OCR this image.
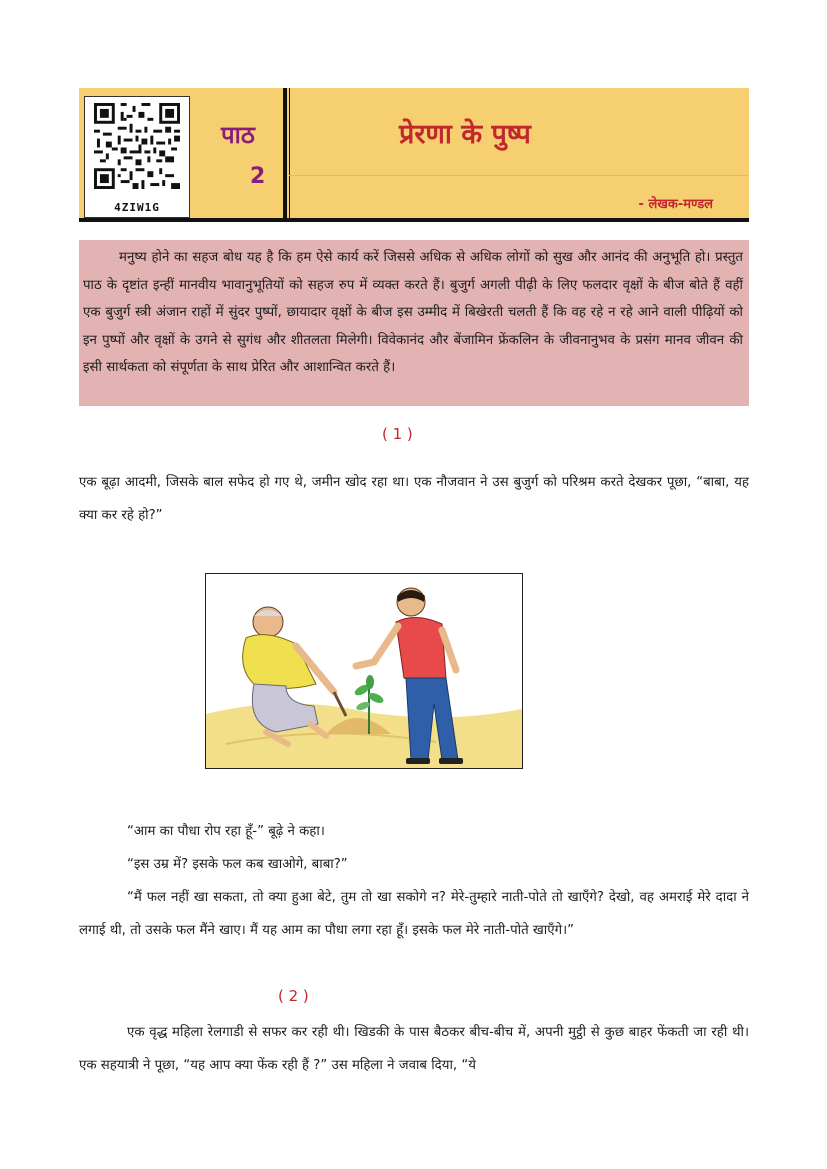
4ZIW1G
पाठ
2
प्रेरणा के पुष्प
- लेखक-मण्डल
मनुष्य होने का सहज बोध यह है कि हम ऐसे कार्य करें जिससे अधिक से अधिक लोगों को सुख और आनंद की अनुभूति हो। प्रस्तुत पाठ के दृष्टांत इन्हीं मानवीय भावानुभूतियों को सहज रुप में व्यक्त करते हैं। बुजुर्ग अगली पीढ़ी के लिए फलदार वृक्षों के बीज बोते हैं वहीं एक बुजुर्ग स्त्री अंजान राहों में सुंदर पुष्पों, छायादार वृक्षों के बीज इस उम्मीद में बिखेरती चलती हैं कि वह रहे न रहे आने वाली पीढ़ियों को इन पुष्पों और वृक्षों के उगने से सुगंध और शीतलता मिलेगी। विवेकानंद और बेंजामिन फ्रेंकलिन के जीवनानुभव के प्रसंग मानव जीवन की इसी सार्थकता को संपूर्णता के साथ प्रेरित और आशान्वित करते हैं।
( 1 )
एक बूढ़ा आदमी, जिसके बाल सफेद हो गए थे, जमीन खोद रहा था। एक नौजवान ने उस बुजुर्ग को परिश्रम करते देखकर पूछा, “बाबा, यह क्या कर रहे हो?”
“आम का पौधा रोप रहा हूँ-” बूढ़े ने कहा।
“इस उम्र में? इसके फल कब खाओगे, बाबा?”
“मैं फल नहीं खा सकता, तो क्या हुआ बेटे, तुम तो खा सकोगे न? मेरे-तुम्हारे नाती-पोते तो खाएँगे? देखो, वह अमराई मेरे दादा ने लगाई थी, तो उसके फल मैंने खाए। मैं यह आम का पौधा लगा रहा हूँ। इसके फल मेरे नाती-पोते खाएँगे।”
( 2 )
एक वृद्ध महिला रेलगाडी से सफर कर रही थी। खिडकी के पास बैठकर बीच-बीच में, अपनी मुट्ठी से कुछ बाहर फेंकती जा रही थी। एक सहयात्री ने पूछा, “यह आप क्या फेंक रही हैं ?” उस महिला ने जवाब दिया, “ये
